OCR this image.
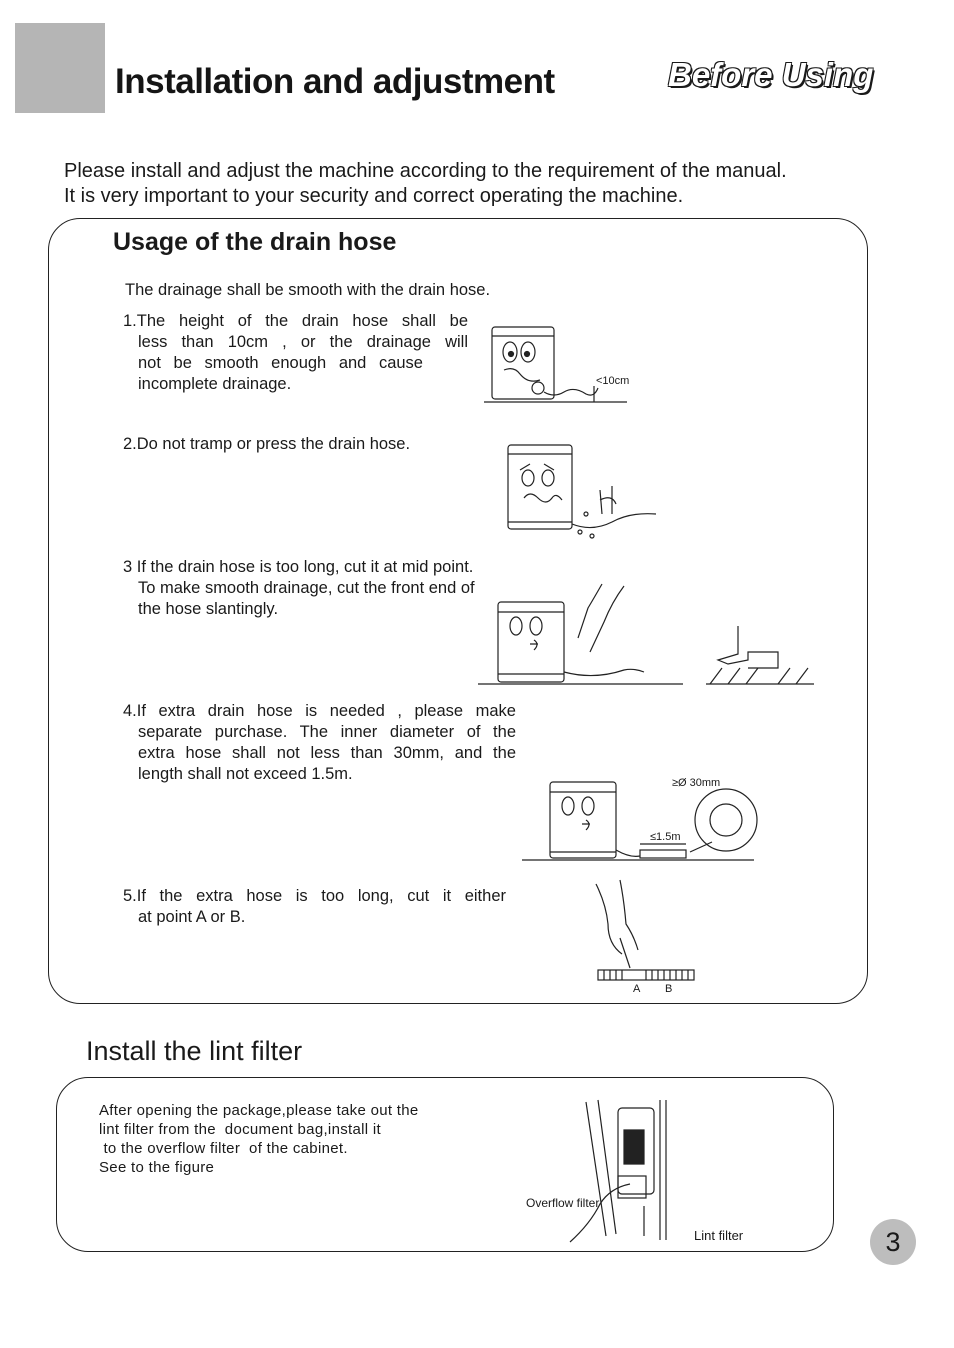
Installation and adjustment	Before Using
Please install and adjust the machine according to the requirement of the manual.
It is very important to your security and correct operating the machine.
Usage of the drain hose
The drainage shall be smooth with the drain hose.
1.The height of the drain hose shall be
less than 10cm , or the drainage will
not be smooth enough and cause
incomplete drainage.	<10cm
2.Do not tramp or press the drain hose.
3 If the drain hose is too long, cut it at mid point.
To make smooth drainage, cut the front end of
the hose slantingly.
4.If extra drain hose is needed , please make
separate purchase. The inner diameter of the
extra hose shall not less than 30mm, and the
length shall not exceed 1.5m.	≥Ø 30mm
≤1.5m
5.If the extra hose is too long, cut it either
at point A or B.
A B
Install the lint filter
After opening the package,please take out the
lint filter from the  document bag,install it
to the overflow filter  of the cabinet.
See to the figure
Overflow filter
Lint filter	3
